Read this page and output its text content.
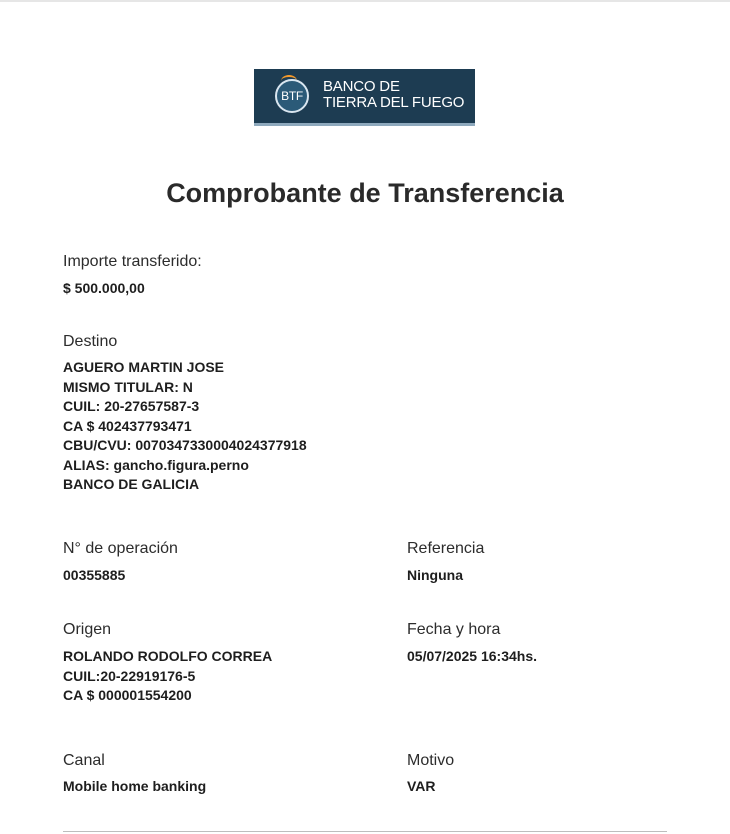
BTF
BANCO DE
TIERRA DEL FUEGO
Comprobante de Transferencia
Importe transferido:
$ 500.000,00
Destino
AGUERO MARTIN JOSE
MISMO TITULAR: N
CUIL: 20-27657587-3
CA $ 402437793471
CBU/CVU: 0070347330004024377918
ALIAS: gancho.figura.perno
BANCO DE GALICIA
N° de operación
00355885
Referencia
Ninguna
Origen
ROLANDO RODOLFO CORREA
CUIL:20-22919176-5
CA $ 000001554200
Fecha y hora
05/07/2025 16:34hs.
Canal
Mobile home banking
Motivo
VAR
